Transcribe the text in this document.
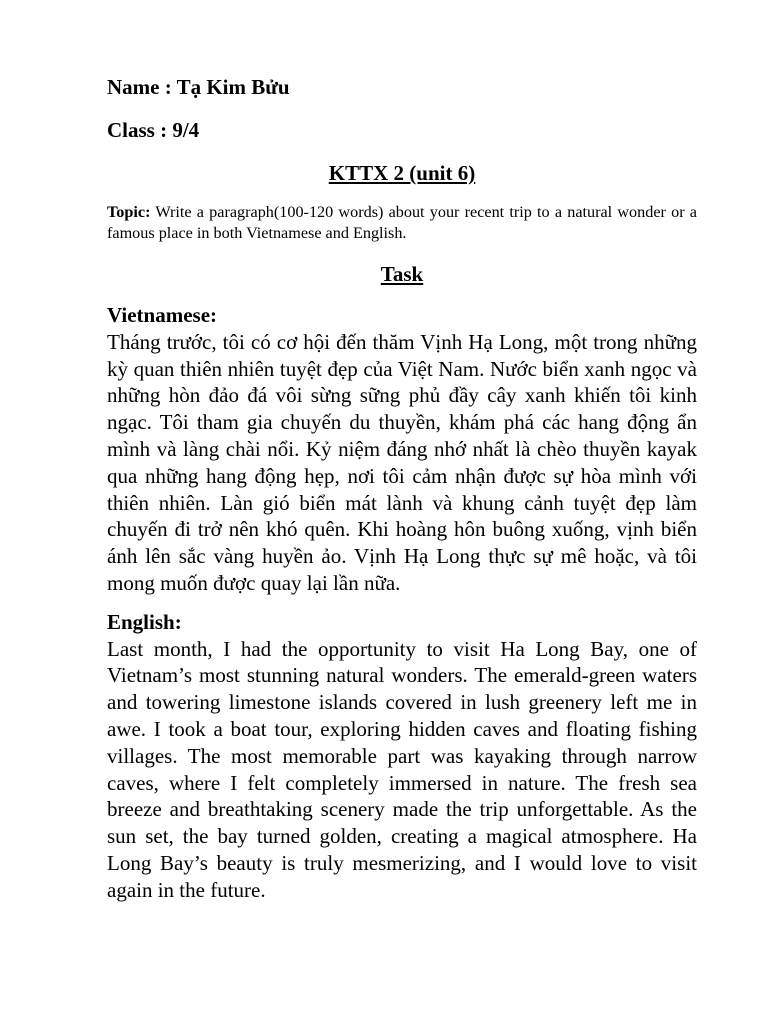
Name : Tạ Kim Bửu

Class : 9/4

KTTX 2 (unit 6)

Topic: Write a paragraph(100-120 words) about your recent trip to a natural wonder or a famous place in both Vietnamese and English.

Task

Vietnamese:

Tháng trước, tôi có cơ hội đến thăm Vịnh Hạ Long, một trong những kỳ quan thiên nhiên tuyệt đẹp của Việt Nam. Nước biển xanh ngọc và những hòn đảo đá vôi sừng sững phủ đầy cây xanh khiến tôi kinh ngạc. Tôi tham gia chuyến du thuyền, khám phá các hang động ẩn mình và làng chài nổi. Kỷ niệm đáng nhớ nhất là chèo thuyền kayak qua những hang động hẹp, nơi tôi cảm nhận được sự hòa mình với thiên nhiên. Làn gió biển mát lành và khung cảnh tuyệt đẹp làm chuyến đi trở nên khó quên. Khi hoàng hôn buông xuống, vịnh biển ánh lên sắc vàng huyền ảo. Vịnh Hạ Long thực sự mê hoặc, và tôi mong muốn được quay lại lần nữa.

English:

Last month, I had the opportunity to visit Ha Long Bay, one of Vietnam’s most stunning natural wonders. The emerald-green waters and towering limestone islands covered in lush greenery left me in awe. I took a boat tour, exploring hidden caves and floating fishing villages. The most memorable part was kayaking through narrow caves, where I felt completely immersed in nature. The fresh sea breeze and breathtaking scenery made the trip unforgettable. As the sun set, the bay turned golden, creating a magical atmosphere. Ha Long Bay’s beauty is truly mesmerizing, and I would love to visit again in the future.
